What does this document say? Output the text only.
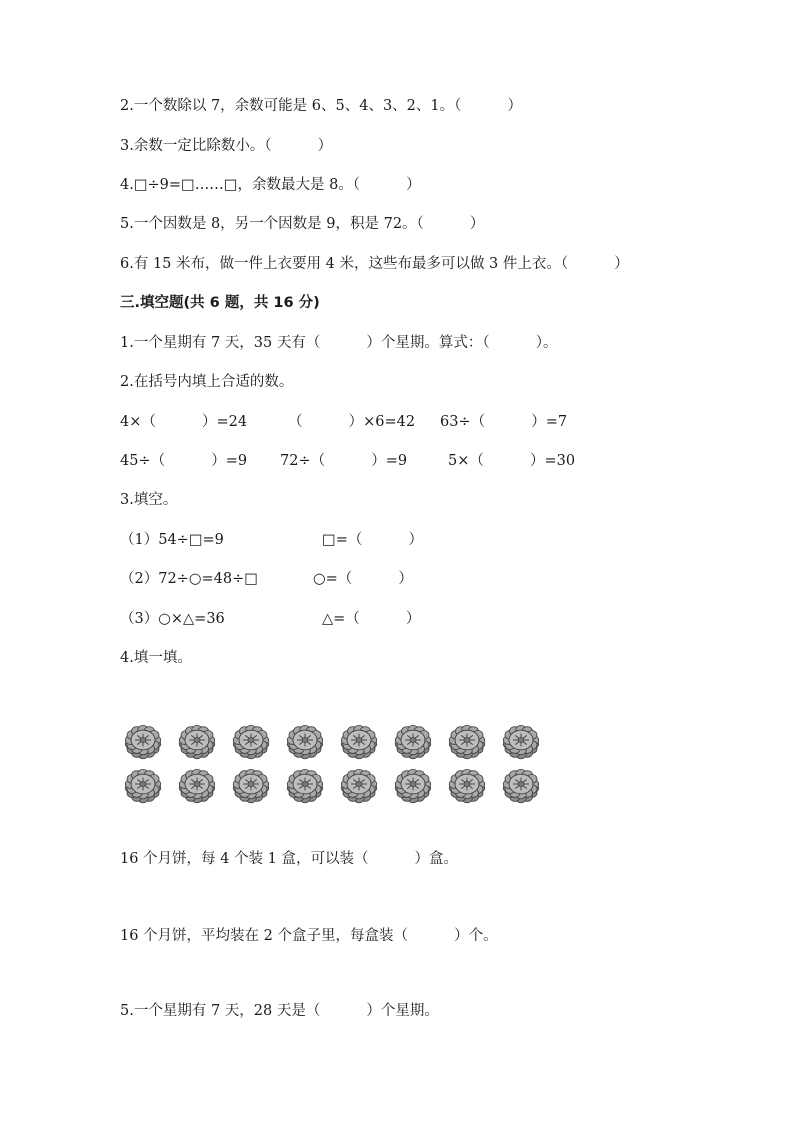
2.一个数除以 7，余数可能是 6、5、4、3、2、1。（          ）
3.余数一定比除数小。（          ）
4.□÷9=□……□，余数最大是 8。（          ）
5.一个因数是 8，另一个因数是 9，积是 72。（          ）
6.有 15 米布，做一件上衣要用 4 米，这些布最多可以做 3 件上衣。（          ）
三.填空题(共 6 题，共 16 分)
1.一个星期有 7 天，35 天有（          ）个星期。算式：（          ）。
2.在括号内填上合适的数。
4×（          ）=24	（          ）×6=42 63÷（          ）=7
45÷（          ）=9 72÷（          ）=9	5×（          ）=30
3.填空。
（1）54÷□=9	□=（          ）
（2）72÷○=48÷□	○=（          ）
（3）○×△=36	△=（          ）
4.填一填。
16 个月饼，每 4 个装 1 盒，可以装（          ）盒。
16 个月饼，平均装在 2 个盒子里，每盒装（          ）个。
5.一个星期有 7 天，28 天是（          ）个星期。
